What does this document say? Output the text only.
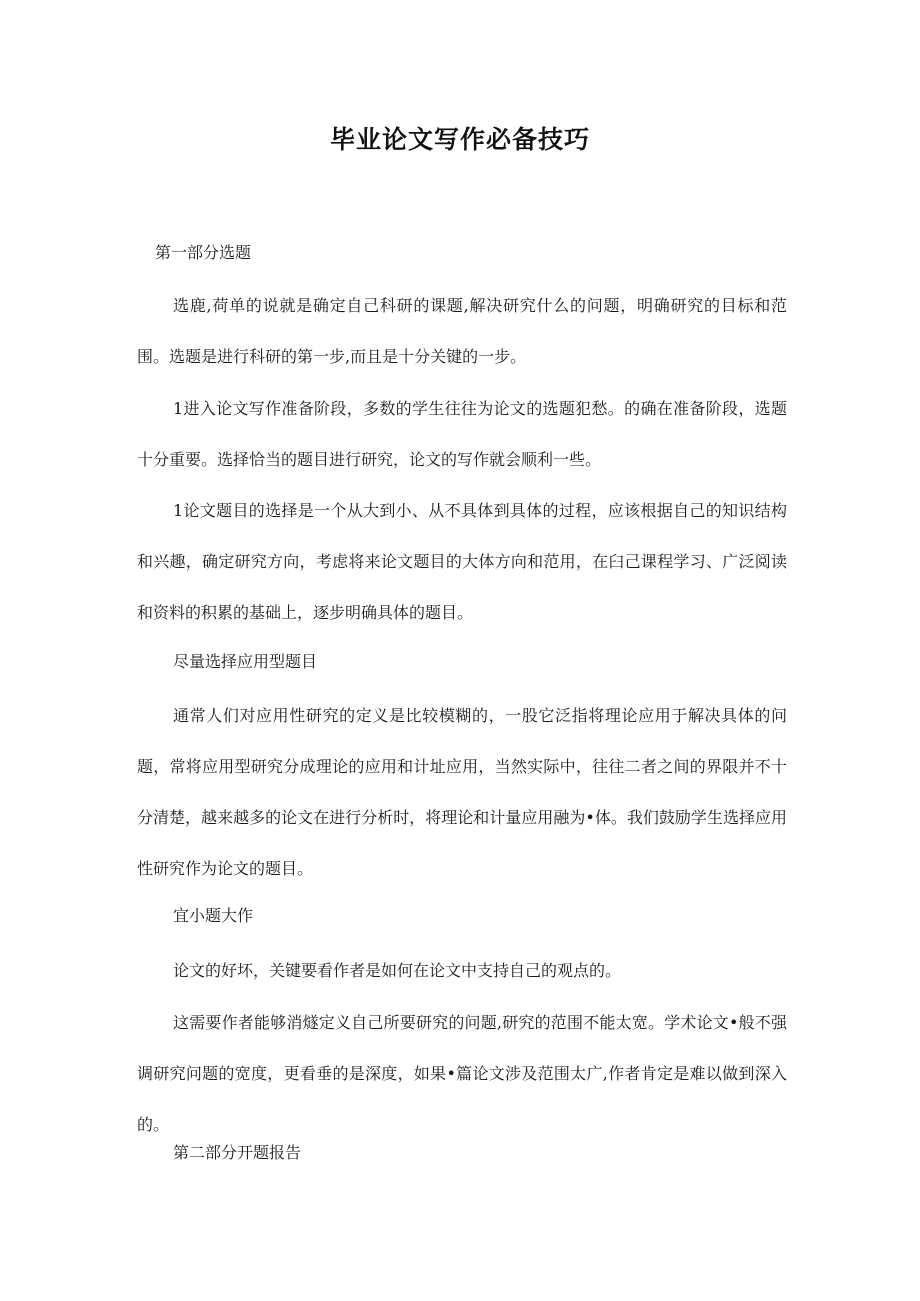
毕业论文写作必备技巧

第一部分选题

选鹿,荷单的说就是确定自己科研的课题,解决研究什么的问题，明确研究的目标和范围。选题是进行科研的第一步,而且是十分关键的一步。

1进入论文写作准备阶段，多数的学生往往为论文的选题犯愁。的确在准备阶段，选题十分重要。选择恰当的题目进行研究，论文的写作就会顺利一些。

1论文题目的选择是一个从大到小、从不具体到具体的过程，应该根据自己的知识结构和兴趣，确定研究方向，考虑将来论文题目的大体方向和范用，在臼己课程学习、广泛阅读和资料的积累的基础上，逐步明确具体的题目。

尽量选择应用型题目

通常人们对应用性研究的定义是比较模糊的，一股它泛指将理论应用于解决具体的问题，常将应用型研究分成理论的应用和计址应用，当然实际中，往往二者之间的界限并不十分清楚，越来越多的论文在进行分析时，将理论和计量应用融为•体。我们鼓励学生选择应用性研究作为论文的题目。

宜小题大作

论文的好坏，关键要看作者是如何在论文中支持自己的观点的。

这需要作者能够消燧定义自己所要研究的问题,研究的范围不能太宽。学术论文•般不强调研究问题的宽度，更看垂的是深度，如果•篇论文涉及范围太广,作者肯定是难以做到深入的。

第二部分开题报告
